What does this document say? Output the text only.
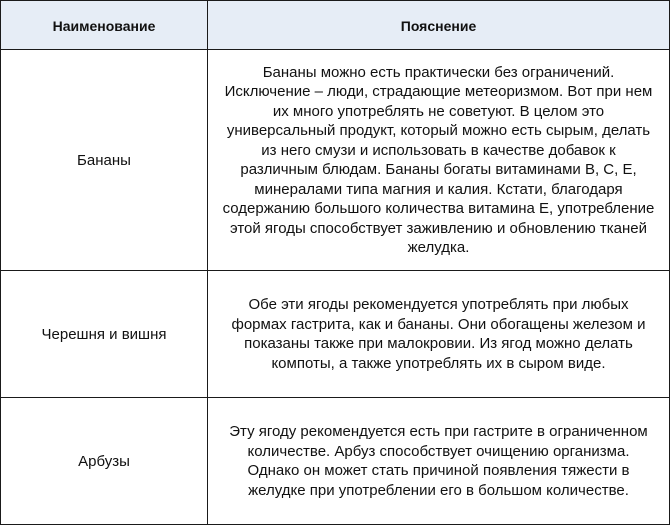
Наименование	Пояснение
Бананы	Бананы можно есть практически без ограничений. Исключение – люди, страдающие метеоризмом. Вот при нем их много употреблять не советуют. В целом это универсальный продукт, который можно есть сырым, делать из него смузи и использовать в качестве добавок к различным блюдам. Бананы богаты витаминами В, С, Е, минералами типа магния и калия. Кстати, благодаря содержанию большого количества витамина Е, употребление этой ягоды способствует заживлению и обновлению тканей желудка.
Черешня и вишня	Обе эти ягоды рекомендуется употреблять при любых формах гастрита, как и бананы. Они обогащены железом и показаны также при малокровии. Из ягод можно делать компоты, а также употреблять их в сыром виде.
Арбузы	Эту ягоду рекомендуется есть при гастрите в ограниченном количестве. Арбуз способствует очищению организма. Однако он может стать причиной появления тяжести в желудке при употреблении его в большом количестве.
